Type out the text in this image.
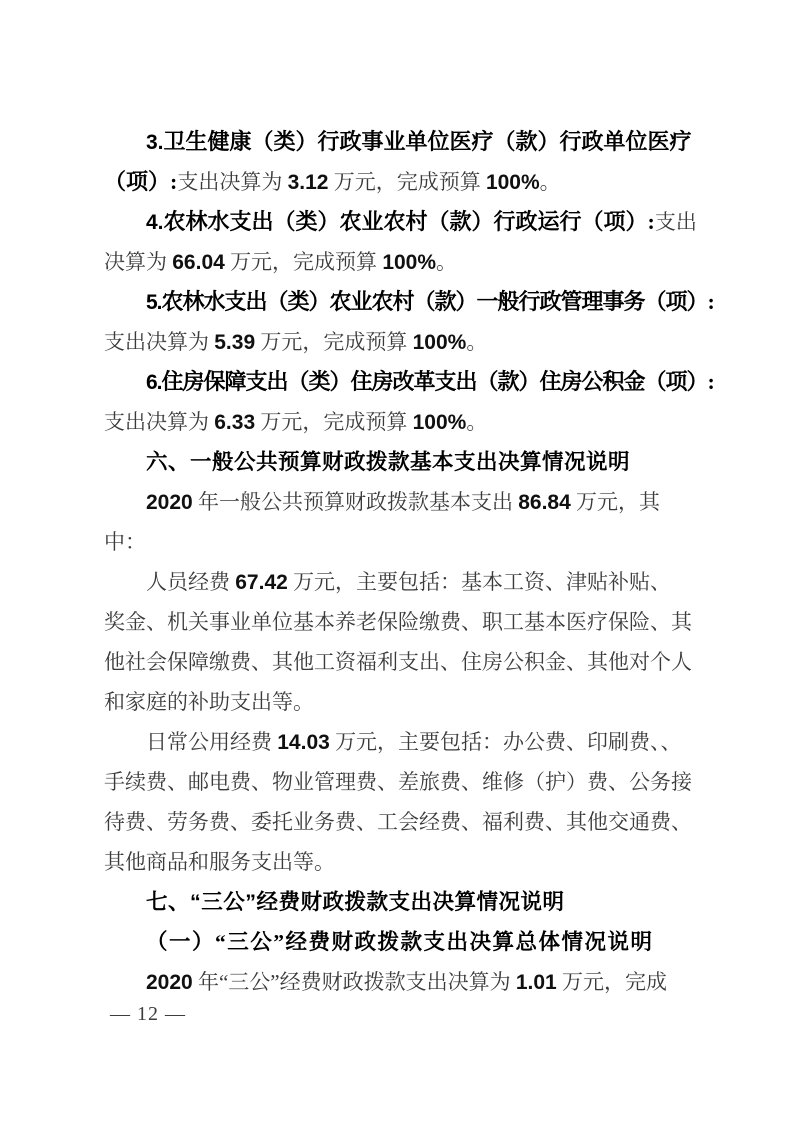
3.卫生健康（类）行政事业单位医疗（款）行政单位医疗
（项）:支出决算为 3.12 万元，完成预算 100%。
4.农林水支出（类）农业农村（款）行政运行（项）:支出
决算为 66.04 万元，完成预算 100%。
5.农林水支出（类）农业农村（款）一般行政管理事务（项）:
支出决算为 5.39 万元，完成预算 100%。
6.住房保障支出（类）住房改革支出（款）住房公积金（项）:
支出决算为 6.33 万元，完成预算 100%。
六、一般公共预算财政拨款基本支出决算情况说明
2020 年一般公共预算财政拨款基本支出 86.84 万元，其
中：
人员经费 67.42 万元，主要包括：基本工资、津贴补贴、
奖金、机关事业单位基本养老保险缴费、职工基本医疗保险、其
他社会保障缴费、其他工资福利支出、住房公积金、其他对个人
和家庭的补助支出等。
日常公用经费 14.03 万元，主要包括：办公费、印刷费、、
手续费、邮电费、物业管理费、差旅费、维修（护）费、公务接
待费、劳务费、委托业务费、工会经费、福利费、其他交通费、
其他商品和服务支出等。
七、“三公”经费财政拨款支出决算情况说明
（一）“三公”经费财政拨款支出决算总体情况说明
2020 年“三公”经费财政拨款支出决算为 1.01 万元，完成
— 12 —
